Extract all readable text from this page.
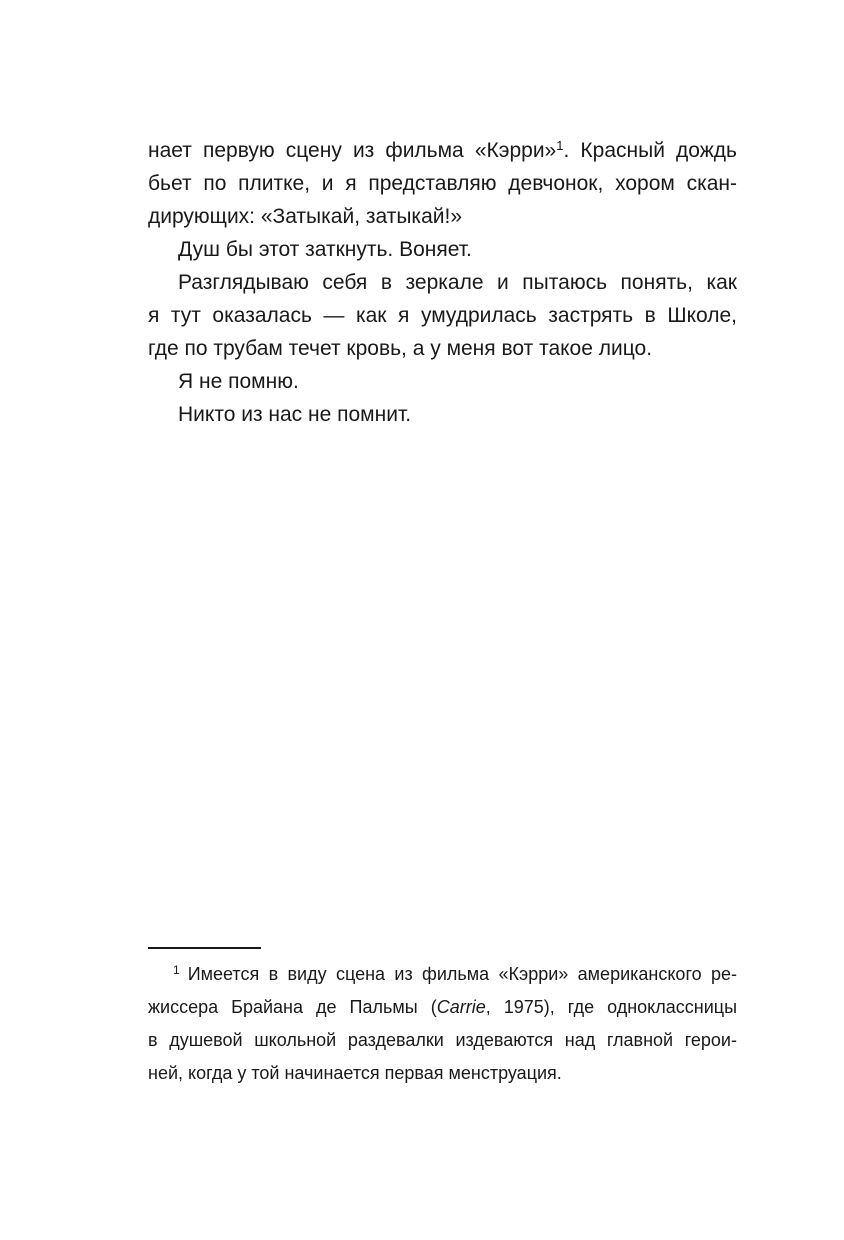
нает первую сцену из фильма «Кэрри»$^1$. Красный дождь
бьет по плитке, и я представляю девчонок, хором скан-
дирующих: «Затыкай, затыкай!»
Душ бы этот заткнуть. Воняет.
Разглядываю себя в зеркале и пытаюсь понять, как
я тут оказалась — как я умудрилась застрять в Школе,
где по трубам течет кровь, а у меня вот такое лицо.
Я не помню.
Никто из нас не помнит.
$^1$ Имеется в виду сцена из фильма «Кэрри» американского ре-
жиссера Брайана де Пальмы (Carrie, 1975), где одноклассницы
в душевой школьной раздевалки издеваются над главной герои-
ней, когда у той начинается первая менструация.
